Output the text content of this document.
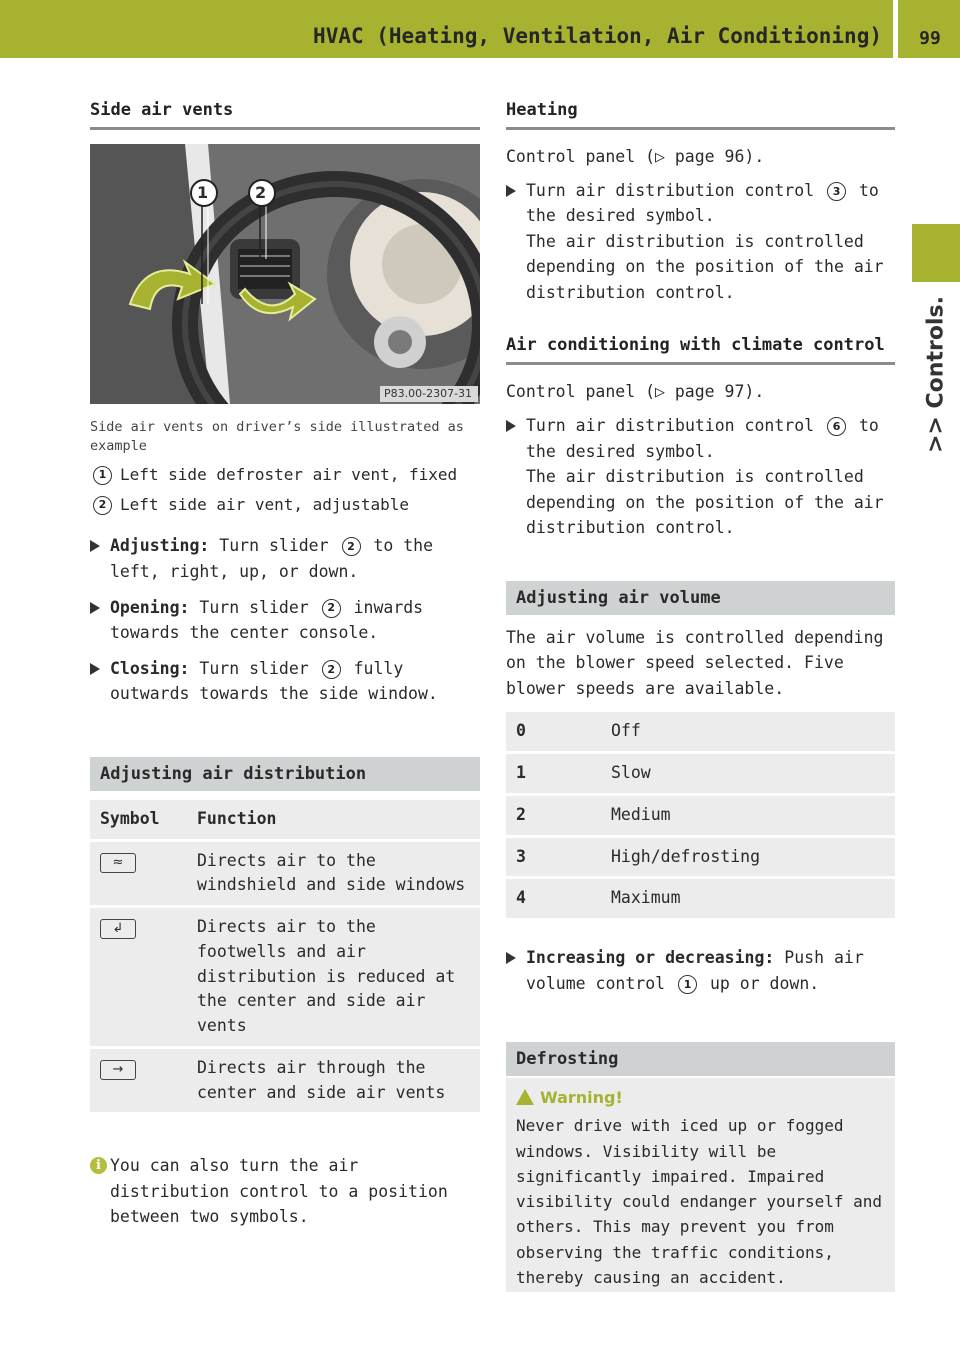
HVAC (Heating, Ventilation, Air Conditioning)	99
>> Controls.
Side air vents
1	2
P83.00-2307-31
Side air vents on driver’s side illustrated as example
1 Left side defroster air vent, fixed
2 Left side air vent, adjustable
Adjusting: Turn slider 2 to the left, right, up, or down.
Opening: Turn slider 2 inwards towards the center console.
Closing: Turn slider 2 fully outwards towards the side window.
Adjusting air distribution
Symbol	Function
≈	Directs air to the windshield and side windows
↲	Directs air to the footwells and air distribution is reduced at the center and side air vents
→	Directs air through the center and side air vents
i You can also turn the air distribution control to a position between two symbols.
Heating

Control panel (▷ page 96).

Turn air distribution control 3 to the desired symbol.
The air distribution is controlled depending on the position of the air distribution control.
Air conditioning with climate control

Control panel (▷ page 97).

Turn air distribution control 6 to the desired symbol.
The air distribution is controlled depending on the position of the air distribution control.
Adjusting air volume

The air volume is controlled depending on the blower speed selected. Five blower speeds are available.

0	Off
1	Slow
2	Medium
3	High/defrosting
4	Maximum
Increasing or decreasing: Push air volume control 1 up or down.
Defrosting
Warning!
Never drive with iced up or fogged windows. Visibility will be significantly impaired. Impaired visibility could endanger yourself and others. This may prevent you from observing the traffic conditions, thereby causing an accident.
